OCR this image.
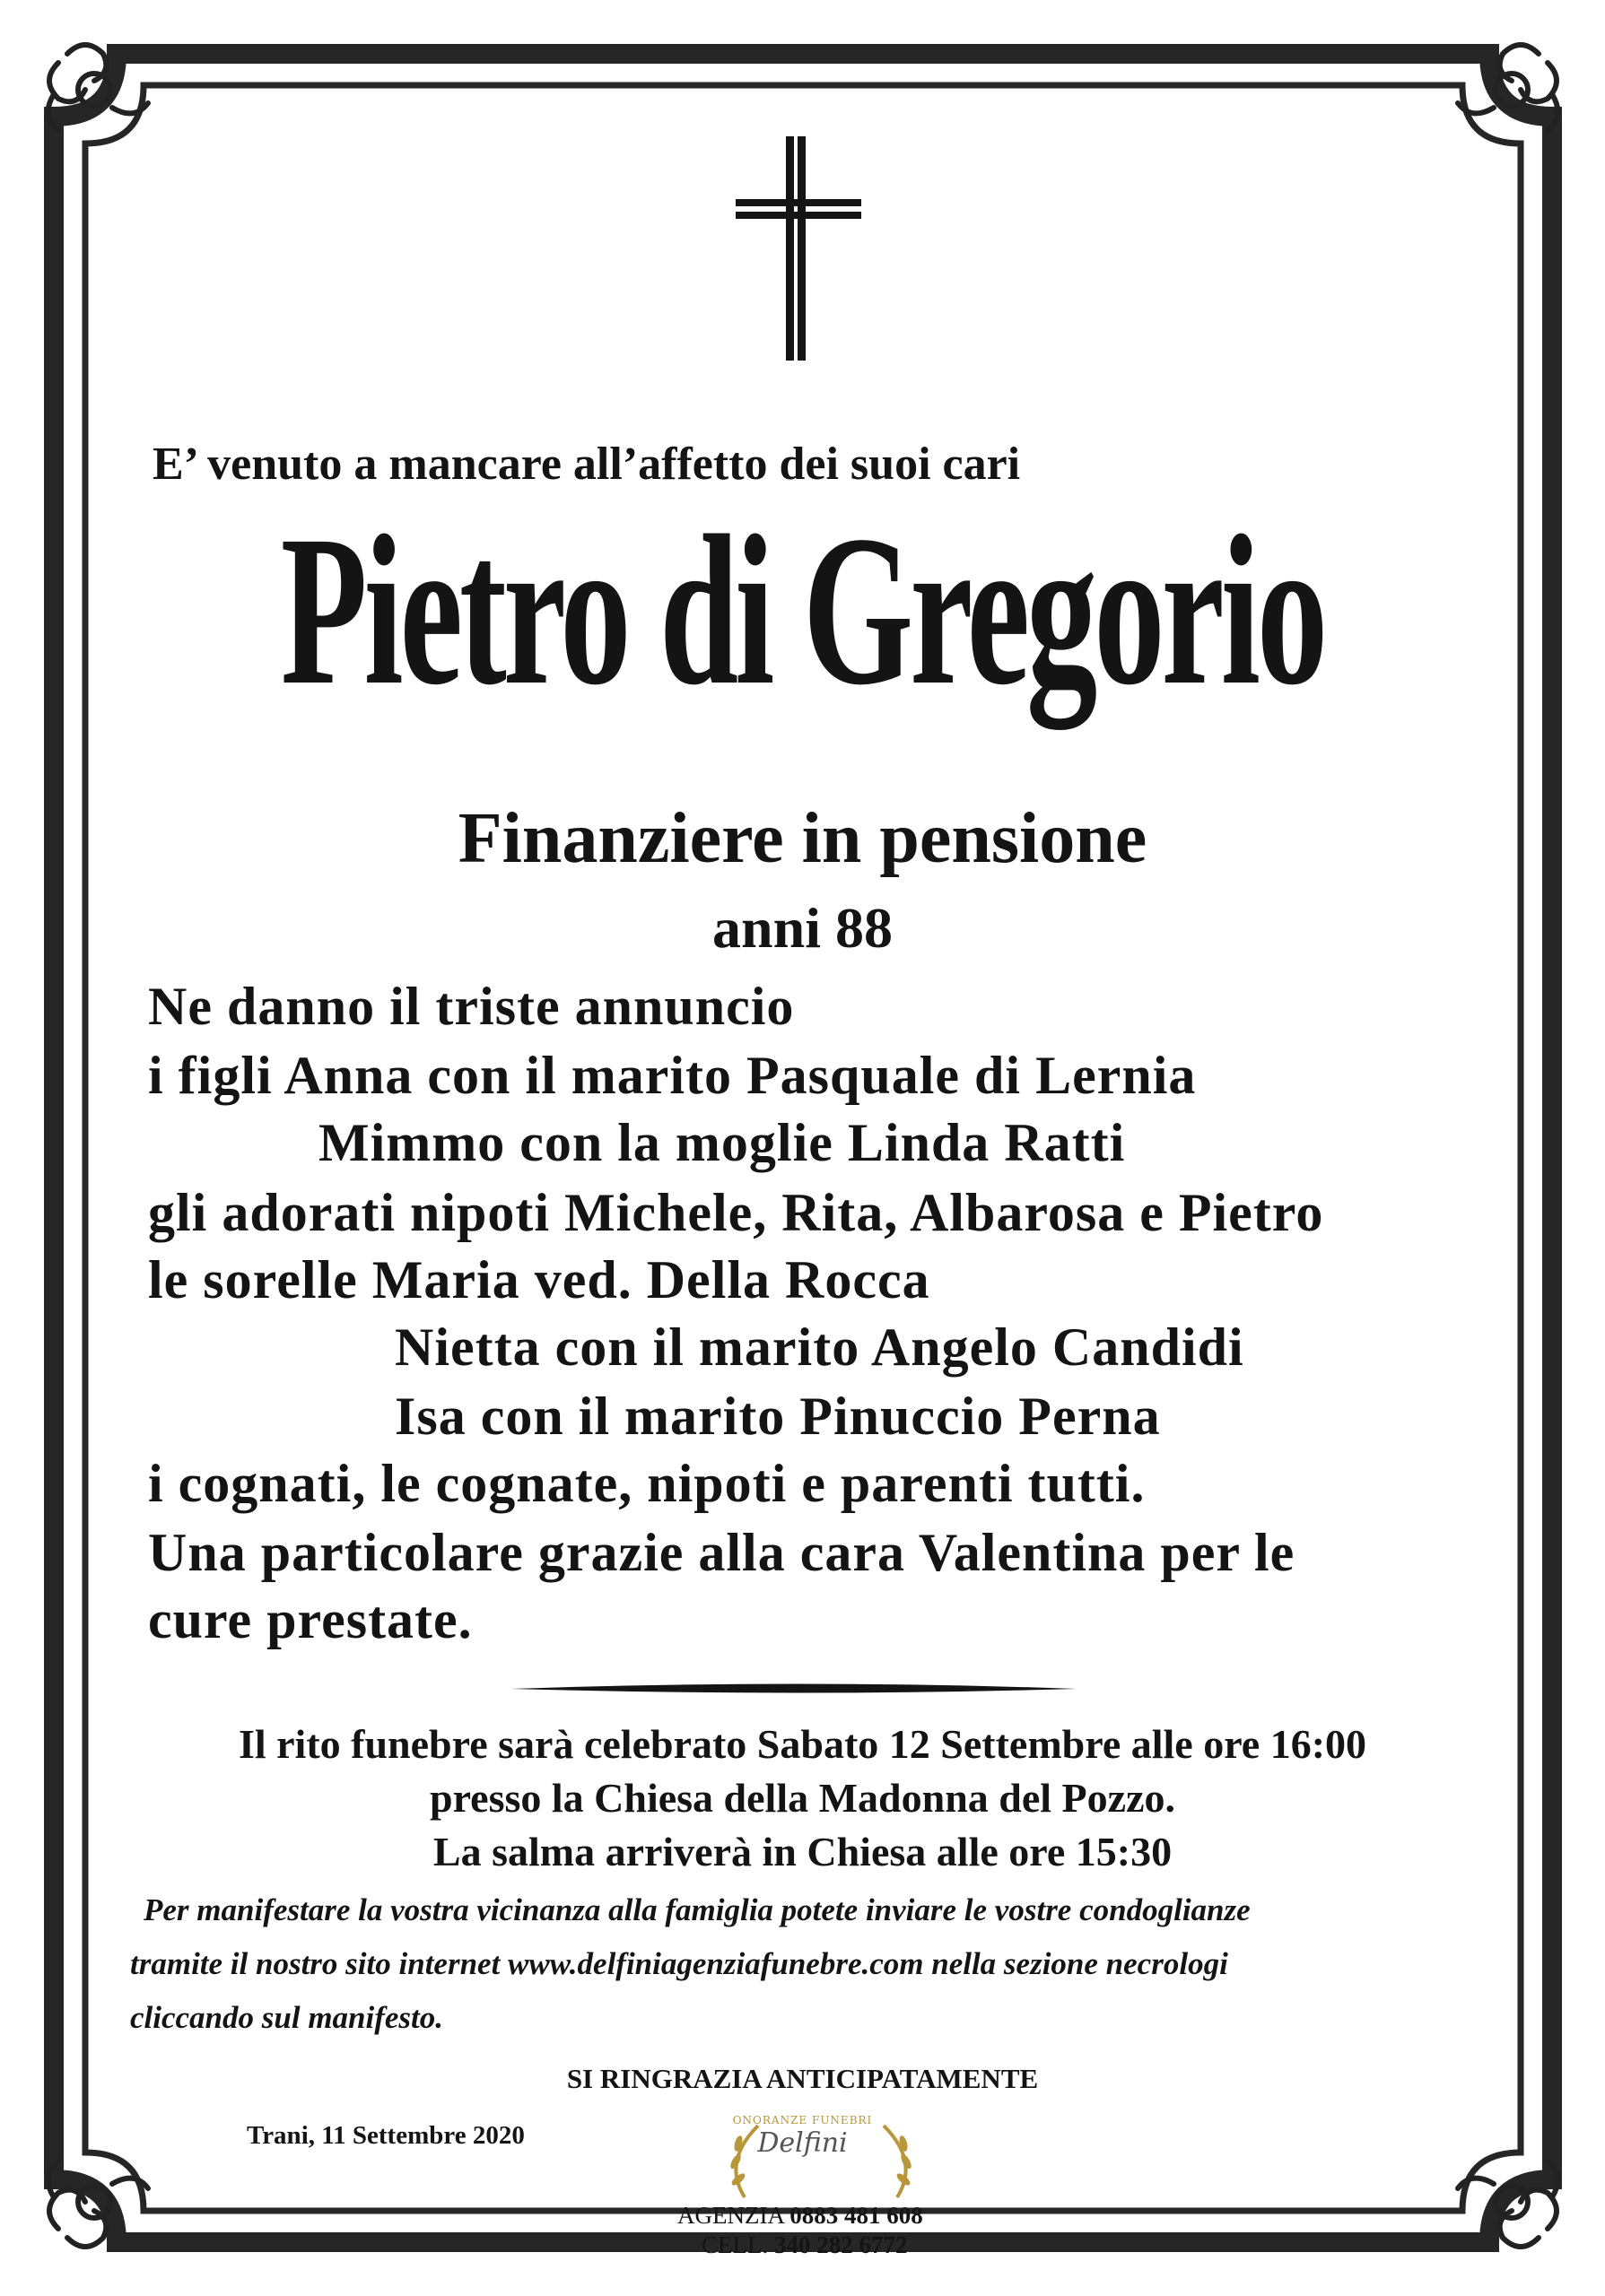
E’ venuto a mancare all’affetto dei suoi cari
Pietro di Gregorio
Finanziere in pensione
anni 88
Ne danno il triste annuncio
i figli Anna con il marito Pasquale di Lernia
Mimmo con la moglie Linda Ratti
gli adorati nipoti Michele, Rita, Albarosa e Pietro
le sorelle Maria ved. Della Rocca
Nietta con il marito Angelo Candidi
Isa con il marito Pinuccio Perna
i cognati, le cognate, nipoti e parenti tutti.
Una particolare grazie alla cara Valentina per le
cure prestate.
Il rito funebre sarà celebrato Sabato 12 Settembre alle ore 16:00
presso la Chiesa della Madonna del Pozzo.
La salma arriverà in Chiesa alle ore 15:30
Per manifestare la vostra vicinanza alla famiglia potete inviare le vostre condoglianze
tramite il nostro sito internet www.delfiniagenziafunebre.com nella sezione necrologi
cliccando sul manifesto.
SI RINGRAZIA ANTICIPATAMENTE
Trani, 11 Settembre 2020
ONORANZE FUNEBRI
Delfini
AGENZIA 0883 481 608
CELL. 340 282 6772
